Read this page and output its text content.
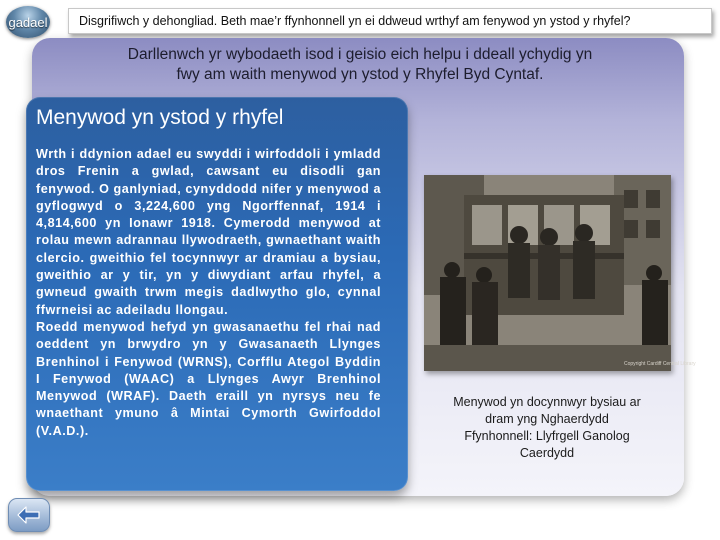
gadael	Disgrifiwch y dehongliad. Beth mae’r ffynhonnell yn ei ddweud wrthyf am fenywod yn ystod y rhyfel?
Darllenwch yr wybodaeth isod i geisio eich helpu i ddeall ychydig yn
fwy am waith menywod yn ystod y Rhyfel Byd Cyntaf.
Menywod yn ystod y rhyfel

Wrth i ddynion adael eu swyddi i wirfoddoli i ymladd dros Frenin a gwlad, cawsant eu disodli gan fenywod. O ganlyniad, cynyddodd nifer y menywod a gyflogwyd o 3,224,600 yng Ngorffennaf, 1914 i 4,814,600 yn Ionawr 1918. Cymerodd menywod at rolau mewn adrannau llywodraeth, gwnaethant waith clercio. gweithio fel tocynnwyr ar dramiau a bysiau, gweithio ar y tir, yn y diwydiant arfau rhyfel, a gwneud gwaith trwm megis dadlwytho glo, cynnal ffwrneisi ac adeiladu llongau.

Roedd menywod hefyd yn gwasanaethu fel rhai nad oeddent yn brwydro yn y Gwasanaeth Llynges Brenhinol i Fenywod (WRNS), Corfflu Ategol Byddin I Fenywod (WAAC) a Llynges Awyr Brenhinol Menywod (WRAF). Daeth eraill yn nyrsys neu fe wnaethant ymuno â Mintai Cymorth Gwirfoddol (V.A.D.).

Copyright Cardiff Central Library
Menywod yn docynnwyr bysiau ar
dram yng Nghaerdydd
Ffynhonnell: Llyfrgell Ganolog
Caerdydd
